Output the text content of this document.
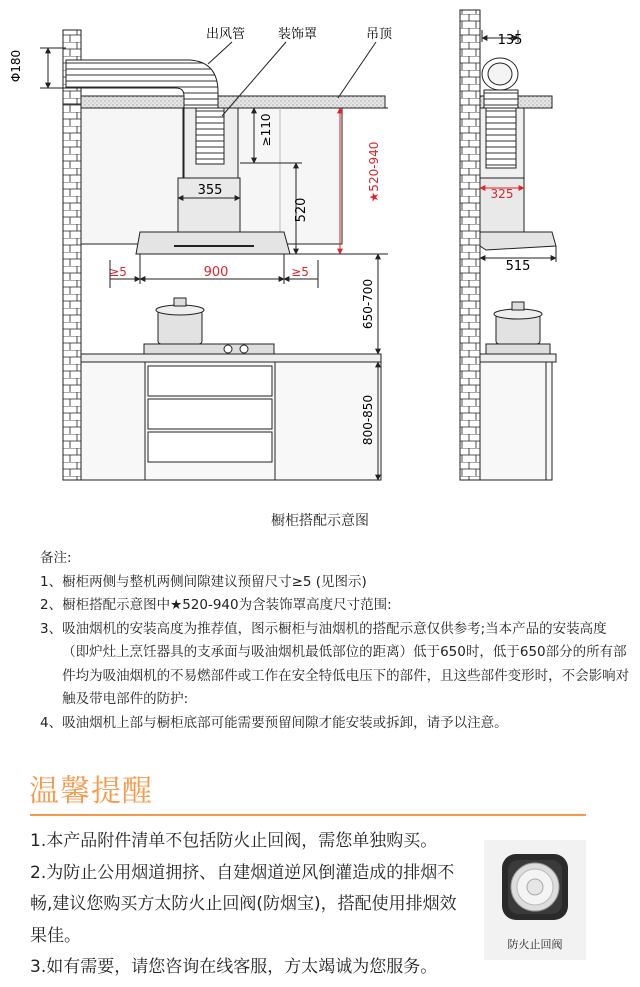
355
520
≥110
★520-940
900
≥5	≥5
650-700
800-850
Φ180
出风管	装饰罩	吊顶	135
325
515
橱柜搭配示意图
备注:
1、 橱柜两侧与整机两侧间隙建议预留尺寸≥5 (见图示)
2、 橱柜搭配示意图中★520-940为含装饰罩高度尺寸范围:
3、 吸油烟机的安装高度为推荐值，图示橱柜与油烟机的搭配示意仅供参考;当本产品的安装高度（即炉灶上烹饪器具的支承面与吸油烟机最低部位的距离）低于650时，低于650部分的所有部件均为吸油烟机的不易燃部件或工作在安全特低电压下的部件，且这些部件变形时，不会影响对触及带电部件的防护:
4、 吸油烟机上部与橱柜底部可能需要预留间隙才能安装或拆卸，请予以注意。
温馨提醒

1.本产品附件清单不包括防火止回阀，需您单独购买。

2.为防止公用烟道拥挤、自建烟道逆风倒灌造成的排烟不畅,建议您购买方太防火止回阀(防烟宝)，搭配使用排烟效果佳。

3.如有需要，请您咨询在线客服，方太竭诚为您服务。

防火止回阀
